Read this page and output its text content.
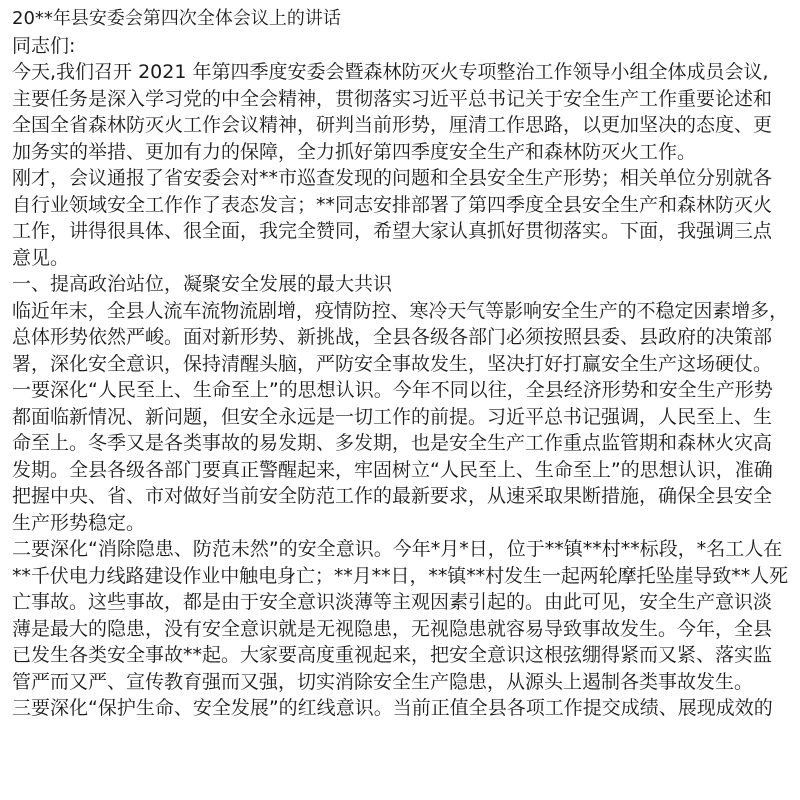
20**年县安委会第四次全体会议上的讲话
同志们:
今天,我们召开 2021 年第四季度安委会暨森林防灭火专项整治工作领导小组全体成员会议,
主要任务是深入学习党的中全会精神，贯彻落实习近平总书记关于安全生产工作重要论述和
全国全省森林防灭火工作会议精神，研判当前形势，厘清工作思路，以更加坚决的态度、更
加务实的举措、更加有力的保障，全力抓好第四季度安全生产和森林防灭火工作。
刚才，会议通报了省安委会对**市巡查发现的问题和全县安全生产形势；相关单位分别就各
自行业领域安全工作作了表态发言；**同志安排部署了第四季度全县安全生产和森林防灭火
工作，讲得很具体、很全面，我完全赞同，希望大家认真抓好贯彻落实。下面，我强调三点
意见。
一、提高政治站位，凝聚安全发展的最大共识
临近年末，全县人流车流物流剧增，疫情防控、寒冷天气等影响安全生产的不稳定因素增多，
总体形势依然严峻。面对新形势、新挑战，全县各级各部门必须按照县委、县政府的决策部
署，深化安全意识，保持清醒头脑，严防安全事故发生，坚决打好打赢安全生产这场硬仗。
一要深化“人民至上、生命至上”的思想认识。今年不同以往，全县经济形势和安全生产形势
都面临新情况、新问题，但安全永远是一切工作的前提。习近平总书记强调，人民至上、生
命至上。冬季又是各类事故的易发期、多发期，也是安全生产工作重点监管期和森林火灾高
发期。全县各级各部门要真正警醒起来，牢固树立“人民至上、生命至上”的思想认识，准确
把握中央、省、市对做好当前安全防范工作的最新要求，从速采取果断措施，确保全县安全
生产形势稳定。
二要深化“消除隐患、防范未然”的安全意识。今年*月*日，位于**镇**村**标段，*名工人在
**千伏电力线路建设作业中触电身亡；**月**日，**镇**村发生一起两轮摩托坠崖导致**人死
亡事故。这些事故，都是由于安全意识淡薄等主观因素引起的。由此可见，安全生产意识淡
薄是最大的隐患，没有安全意识就是无视隐患，无视隐患就容易导致事故发生。今年，全县
已发生各类安全事故**起。大家要高度重视起来，把安全意识这根弦绷得紧而又紧、落实监
管严而又严、宣传教育强而又强，切实消除安全生产隐患，从源头上遏制各类事故发生。
三要深化“保护生命、安全发展”的红线意识。当前正值全县各项工作提交成绩、展现成效的
